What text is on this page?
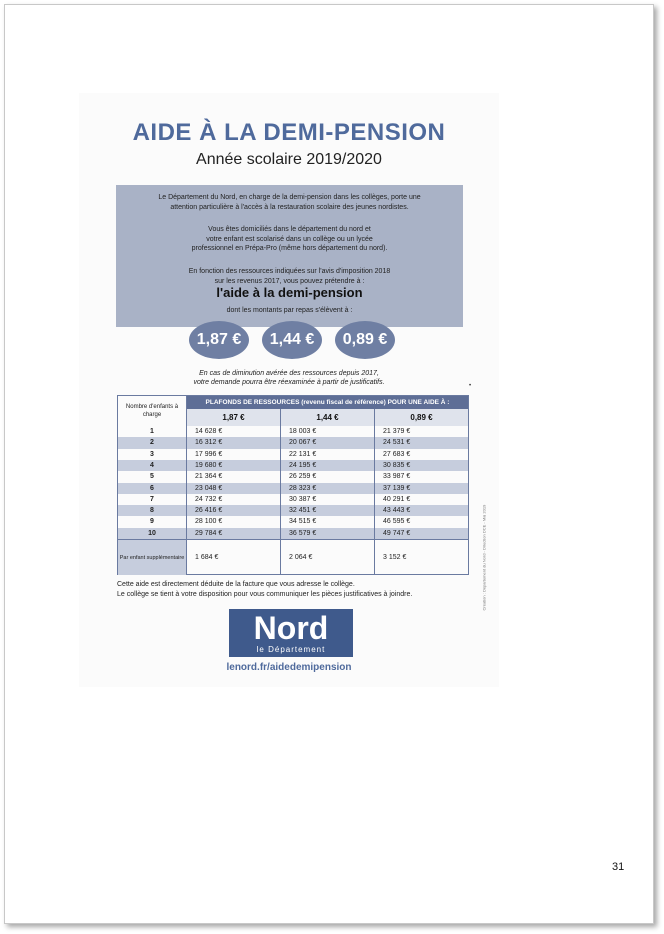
AIDE À LA DEMI-PENSION
Année scolaire 2019/2020

Le Département du Nord, en charge de la demi-pension dans les collèges, porte une

attention particulière à l'accès à la restauration scolaire des jeunes nordistes.

Vous êtes domiciliés dans le département du nord et

votre enfant est scolarisé dans un collège ou un lycée

professionnel en Prépa-Pro (même hors département du nord).

En fonction des ressources indiquées sur l'avis d'imposition 2018

sur les revenus 2017, vous pouvez prétendre à :

l'aide à la demi-pension
dont les montants par repas s'élèvent à :
1,87 €	1,44 €	0,89 €
En cas de diminution avérée des ressources depuis 2017,
votre demande pourra être réexaminée à partir de justificatifs.	•
Nombre d'enfants à charge
PLAFONDS DE RESSOURCES (revenu fiscal de référence) POUR UNE AIDE À :
1,87 €	1,44 €	0,89 €
1	14 628 €	18 003 €	21 379 €
2	16 312 €	20 067 €	24 531 €
3	17 996 €	22 131 €	27 683 €
4	19 680 €	24 195 €	30 835 €
5	21 364 €	26 259 €	33 987 €
6	23 048 €	28 323 €	37 139 €
7	24 732 €	30 387 €	40 291 €
8	26 416 €	32 451 €	43 443 €
9	28 100 €	34 515 €	46 595 €
10	29 784 €	36 579 €	49 747 €
Par enfant supplémentaire	1 684 €	2 064 €	3 152 €	Création : Département du Nord - Direction DCE - Mai 2019
Cette aide est directement déduite de la facture que vous adresse le collège.
Le collège se tient à votre disposition pour vous communiquer les pièces justificatives à joindre.
Nord
le Département
lenord.fr/aidedemipension
31
